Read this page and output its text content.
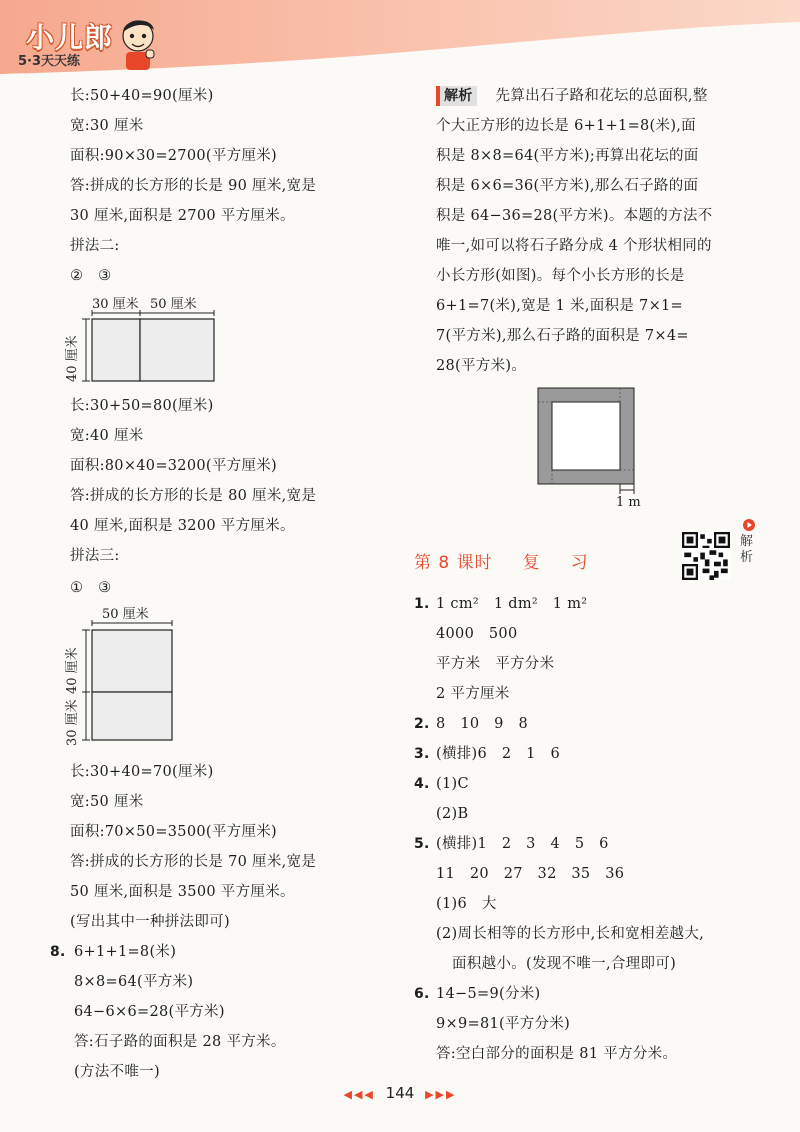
小儿郎
5·3天天练
长:50+40=90(厘米)
宽:30 厘米
面积:90×30=2700(平方厘米)
答:拼成的长方形的长是 90 厘米,宽是
30 厘米,面积是 2700 平方厘米。
拼法二:
②　③
30 厘米 50 厘米
40 厘米
长:30+50=80(厘米)
宽:40 厘米
面积:80×40=3200(平方厘米)
答:拼成的长方形的长是 80 厘米,宽是
40 厘米,面积是 3200 平方厘米。
拼法三:
①　③
50 厘米
40 厘米
30 厘米
长:30+40=70(厘米)
宽:50 厘米
面积:70×50=3500(平方厘米)
答:拼成的长方形的长是 70 厘米,宽是
50 厘米,面积是 3500 平方厘米。
(写出其中一种拼法即可)
8. 6+1+1=8(米)
8×8=64(平方米)
64−6×6=28(平方米)
答:石子路的面积是 28 平方米。
(方法不唯一)
解析 先算出石子路和花坛的总面积,整
个大正方形的边长是 6+1+1=8(米),面
积是 8×8=64(平方米);再算出花坛的面
积是 6×6=36(平方米),那么石子路的面
积是 64−36=28(平方米)。本题的方法不
唯一,如可以将石子路分成 4 个形状相同的
小长方形(如图)。每个小长方形的长是
6+1=7(米),宽是 1 米,面积是 7×1=
7(平方米),那么石子路的面积是 7×4=
28(平方米)。
1 m
第 8 课时 复 习
解析
1. 1 cm²　1 dm²　1 m²
4000　500
平方米　平方分米
2 平方厘米
2. 8　10　9　8
3. (横排)6　2　1　6
4. (1)C
(2)B
5. (横排)1　2　3　4　5　6
11　20　27　32　35　36
(1)6　大
(2)周长相等的长方形中,长和宽相差越大,
面积越小。(发现不唯一,合理即可)
6. 14−5=9(分米)
9×9=81(平方分米)
答:空白部分的面积是 81 平方分米。
◀◀◀ 144 ▶▶▶
